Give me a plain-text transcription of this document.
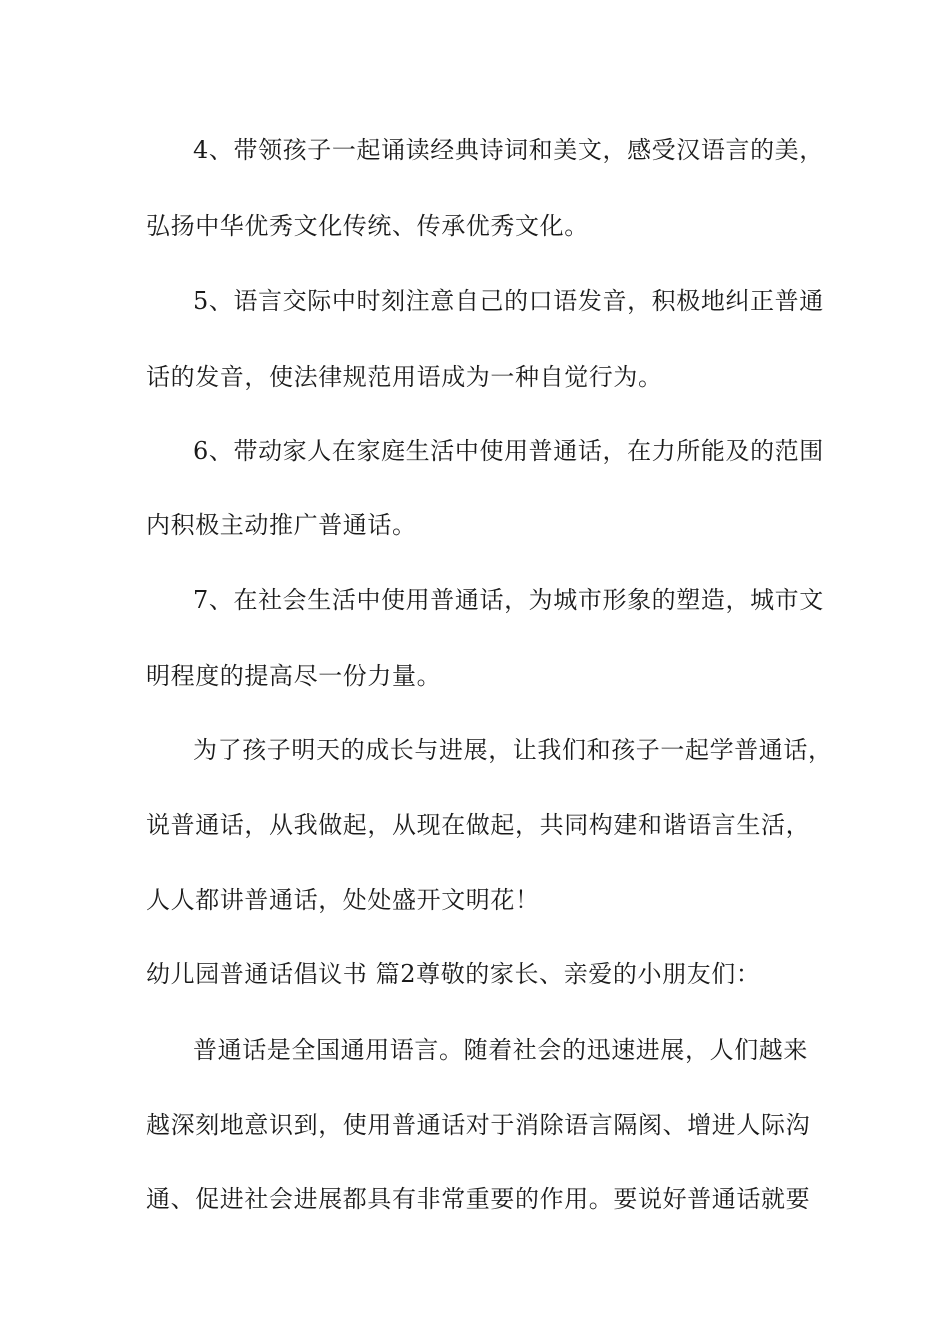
4、带领孩子一起诵读经典诗词和美文，感受汉语言的美，
弘扬中华优秀文化传统、传承优秀文化。
5、语言交际中时刻注意自己的口语发音，积极地纠正普通
话的发音，使法律规范用语成为一种自觉行为。
6、带动家人在家庭生活中使用普通话，在力所能及的范围
内积极主动推广普通话。
7、在社会生活中使用普通话，为城市形象的塑造，城市文
明程度的提高尽一份力量。
为了孩子明天的成长与进展，让我们和孩子一起学普通话，
说普通话，从我做起，从现在做起，共同构建和谐语言生活，
人人都讲普通话，处处盛开文明花！
幼儿园普通话倡议书 篇2尊敬的家长、亲爱的小朋友们：
普通话是全国通用语言。随着社会的迅速进展，人们越来
越深刻地意识到，使用普通话对于消除语言隔阂、增进人际沟
通、促进社会进展都具有非常重要的作用。要说好普通话就要
